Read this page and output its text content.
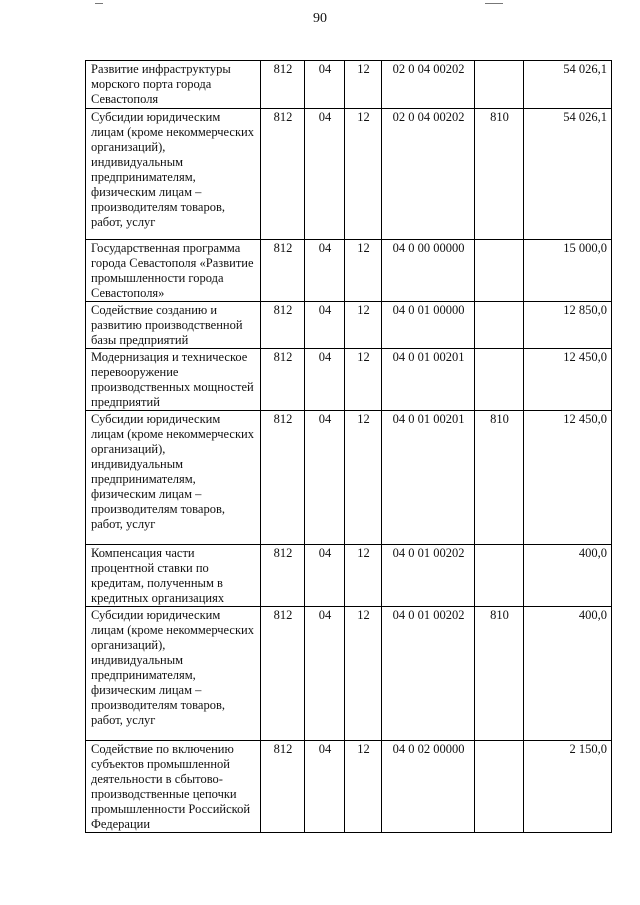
90
Развитие инфраструктуры морского порта города Севастополя	812	04	12	02 0 04 00202		54 026,1
Субсидии юридическим лицам (кроме некоммерческих организаций), индивидуальным предпринимателям, физическим лицам – производителям товаров, работ, услуг	812	04	12	02 0 04 00202	810	54 026,1
Государственная программа города Севастополя «Развитие промышленности города Севастополя»	812	04	12	04 0 00 00000		15 000,0
Содействие созданию и развитию производственной базы предприятий	812	04	12	04 0 01 00000		12 850,0
Модернизация и техническое перевооружение производственных мощностей предприятий	812	04	12	04 0 01 00201		12 450,0
Субсидии юридическим лицам (кроме некоммерческих организаций), индивидуальным предпринимателям, физическим лицам – производителям товаров, работ, услуг	812	04	12	04 0 01 00201	810	12 450,0
Компенсация части процентной ставки по кредитам, полученным в кредитных организациях	812	04	12	04 0 01 00202		400,0
Субсидии юридическим лицам (кроме некоммерческих организаций), индивидуальным предпринимателям, физическим лицам – производителям товаров, работ, услуг	812	04	12	04 0 01 00202	810	400,0
Содействие по включению субъектов промышленной деятельности в сбытово-производственные цепочки промышленности Российской Федерации	812	04	12	04 0 02 00000		2 150,0
